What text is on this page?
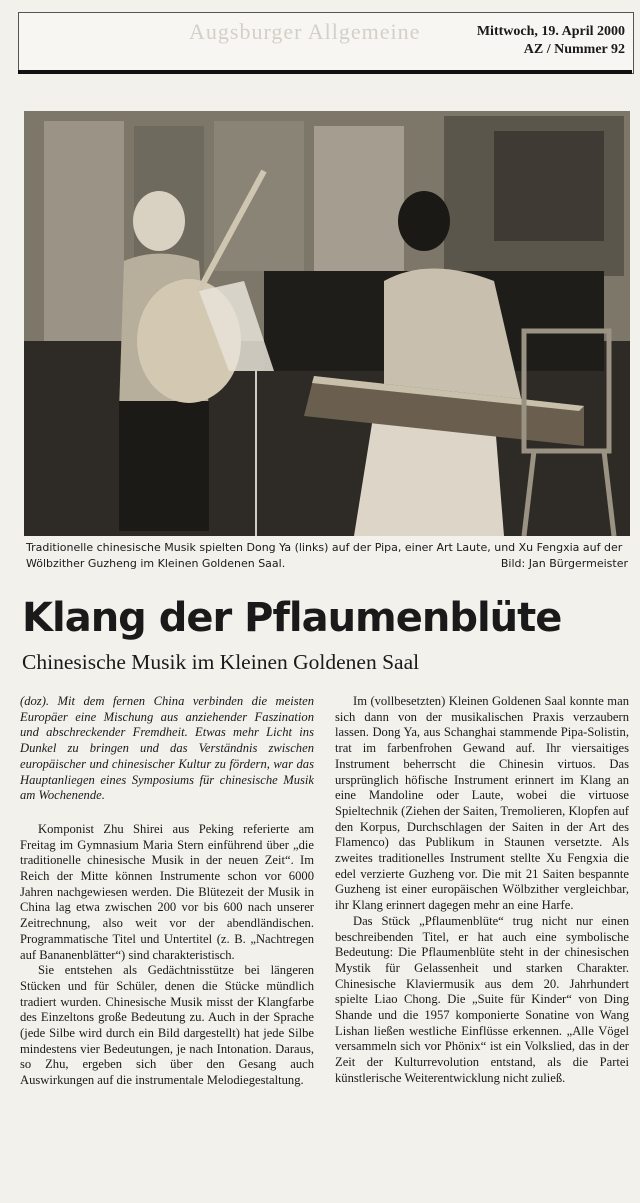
Augsburger Allgemeine	Mittwoch, 19. April 2000
AZ / Nummer 92
Traditionelle chinesische Musik spielten Dong Ya (links) auf der Pipa, einer Art Laute, und Xu Fengxia auf der Wölbzither Guzheng im Kleinen Goldenen Saal.	Bild: Jan Bürgermeister
Klang der Pflaumenblüte
Chinesische Musik im Kleinen Goldenen Saal

(doz). Mit dem fernen China verbinden die meisten Europäer eine Mischung aus anziehender Faszination und abschreckender Fremdheit. Etwas mehr Licht ins Dunkel zu bringen und das Verständnis zwischen europäischer und chinesischer Kultur zu fördern, war das Hauptanliegen eines Symposiums für chinesische Musik am Wochenende.

Komponist Zhu Shirei aus Peking referierte am Freitag im Gymnasium Maria Stern einführend über „die traditionelle chinesische Musik in der neuen Zeit“. Im Reich der Mitte können Instrumente schon vor 6000 Jahren nachgewiesen werden. Die Blütezeit der Musik in China lag etwa zwischen 200 vor bis 600 nach unserer Zeitrechnung, also weit vor der abendländischen. Programmatische Titel und Untertitel (z. B. „Nachtregen auf Bananenblätter“) sind charakteristisch.

Sie entstehen als Gedächtnisstütze bei längeren Stücken und für Schüler, denen die Stücke mündlich tradiert wurden. Chinesische Musik misst der Klangfarbe des Einzeltons große Bedeutung zu. Auch in der Sprache (jede Silbe wird durch ein Bild dargestellt) hat jede Silbe mindestens vier Bedeutungen, je nach Intonation. Daraus, so Zhu, ergeben sich über den Gesang auch Auswirkungen auf die instrumentale Melodiegestaltung.

Im (vollbesetzten) Kleinen Goldenen Saal konnte man sich dann von der musikalischen Praxis verzaubern lassen. Dong Ya, aus Schanghai stammende Pipa-Solistin, trat im farbenfrohen Gewand auf. Ihr viersaitiges Instrument beherrscht die Chinesin virtuos. Das ursprünglich höfische Instrument erinnert im Klang an eine Mandoline oder Laute, wobei die virtuose Spieltechnik (Ziehen der Saiten, Tremolieren, Klopfen auf den Korpus, Durchschlagen der Saiten in der Art des Flamenco) das Publikum in Staunen versetzte. Als zweites traditionelles Instrument stellte Xu Fengxia die edel verzierte Guzheng vor. Die mit 21 Saiten bespannte Guzheng ist einer europäischen Wölbzither vergleichbar, ihr Klang erinnert dagegen mehr an eine Harfe.

Das Stück „Pflaumenblüte“ trug nicht nur einen beschreibenden Titel, er hat auch eine symbolische Bedeutung: Die Pflaumenblüte steht in der chinesischen Mystik für Gelassenheit und starken Charakter. Chinesische Klaviermusik aus dem 20. Jahrhundert spielte Liao Chong. Die „Suite für Kinder“ von Ding Shande und die 1957 komponierte Sonatine von Wang Lishan ließen westliche Einflüsse erkennen. „Alle Vögel versammeln sich vor Phönix“ ist ein Volkslied, das in der Zeit der Kulturrevolution entstand, als die Partei künstlerische Weiterentwicklung nicht zuließ.
